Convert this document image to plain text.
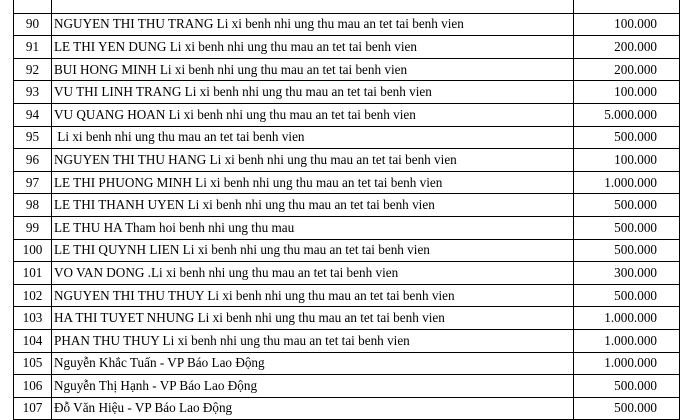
90	NGUYEN THI THU TRANG Li xi benh nhi ung thu mau an tet tai benh vien	100.000
91	LE THI YEN DUNG Li xi benh nhi ung thu mau an tet tai benh vien	200.000
92	BUI HONG MINH Li xi benh nhi ung thu mau an tet tai benh vien	200.000
93	VU THI LINH TRANG Li xi benh nhi ung thu mau an tet tai benh vien	100.000
94	VU QUANG HOAN Li xi benh nhi ung thu mau an tet tai benh vien	5.000.000
95	Li xi benh nhi ung thu mau an tet tai benh vien	500.000
96	NGUYEN THI THU HANG Li xi benh nhi ung thu mau an tet tai benh vien	100.000
97	LE THI PHUONG MINH Li xi benh nhi ung thu mau an tet tai benh vien	1.000.000
98	LE THI THANH UYEN Li xi benh nhi ung thu mau an tet tai benh vien	500.000
99	LE THU HA Tham hoi benh nhi ung thu mau	500.000
100	LE THI QUYNH LIEN Li xi benh nhi ung thu mau an tet tai benh vien	500.000
101	VO VAN DONG .Li xi benh nhi ung thu mau an tet tai benh vien	300.000
102	NGUYEN THI THU THUY Li xi benh nhi ung thu mau an tet tai benh vien	500.000
103	HA THI TUYET NHUNG Li xi benh nhi ung thu mau an tet tai benh vien	1.000.000
104	PHAN THU THUY Li xi benh nhi ung thu mau an tet tai benh vien	1.000.000
105	Nguyễn Khắc Tuấn - VP Báo Lao Động	1.000.000
106	Nguyễn Thị Hạnh - VP Báo Lao Động	500.000
107	Đỗ Văn Hiệu - VP Báo Lao Động	500.000
